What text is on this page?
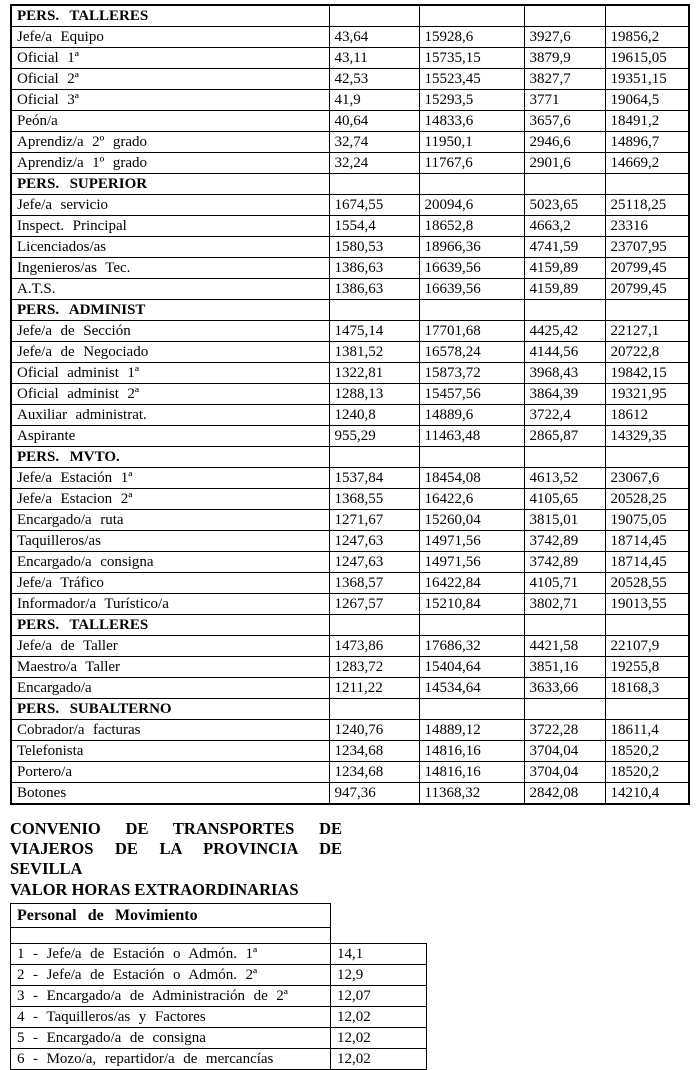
PERS. TALLERES				
Jefe/a Equipo	43,64	15928,6	3927,6	19856,2
Oficial 1ª	43,11	15735,15	3879,9	19615,05
Oficial 2ª	42,53	15523,45	3827,7	19351,15
Oficial 3ª	41,9	15293,5	3771	19064,5
Peón/a	40,64	14833,6	3657,6	18491,2
Aprendiz/a 2º grado	32,74	11950,1	2946,6	14896,7
Aprendiz/a 1º grado	32,24	11767,6	2901,6	14669,2
PERS. SUPERIOR				
Jefe/a servicio	1674,55	20094,6	5023,65	25118,25
Inspect. Principal	1554,4	18652,8	4663,2	23316
Licenciados/as	1580,53	18966,36	4741,59	23707,95
Ingenieros/as Tec.	1386,63	16639,56	4159,89	20799,45
A.T.S.	1386,63	16639,56	4159,89	20799,45
PERS. ADMINIST				
Jefe/a de Sección	1475,14	17701,68	4425,42	22127,1
Jefe/a de Negociado	1381,52	16578,24	4144,56	20722,8
Oficial administ 1ª	1322,81	15873,72	3968,43	19842,15
Oficial administ 2ª	1288,13	15457,56	3864,39	19321,95
Auxiliar administrat.	1240,8	14889,6	3722,4	18612
Aspirante	955,29	11463,48	2865,87	14329,35
PERS. MVTO.				
Jefe/a Estación 1ª	1537,84	18454,08	4613,52	23067,6
Jefe/a Estacion 2ª	1368,55	16422,6	4105,65	20528,25
Encargado/a ruta	1271,67	15260,04	3815,01	19075,05
Taquilleros/as	1247,63	14971,56	3742,89	18714,45
Encargado/a consigna	1247,63	14971,56	3742,89	18714,45
Jefe/a Tráfico	1368,57	16422,84	4105,71	20528,55
Informador/a Turístico/a	1267,57	15210,84	3802,71	19013,55
PERS. TALLERES				
Jefe/a de Taller	1473,86	17686,32	4421,58	22107,9
Maestro/a Taller	1283,72	15404,64	3851,16	19255,8
Encargado/a	1211,22	14534,64	3633,66	18168,3
PERS. SUBALTERNO				
Cobrador/a facturas	1240,76	14889,12	3722,28	18611,4
Telefonista	1234,68	14816,16	3704,04	18520,2
Portero/a	1234,68	14816,16	3704,04	18520,2
Botones	947,36	11368,32	2842,08	14210,4
CONVENIO DE TRANSPORTES DE
VIAJEROS DE LA PROVINCIA DE
SEVILLA
VALOR HORAS EXTRAORDINARIAS
Personal de Movimiento	

1 - Jefe/a de Estación o Admón. 1ª	14,1
2 - Jefe/a de Estación o Admón. 2ª	12,9
3 - Encargado/a de Administración de 2ª	12,07
4 - Taquilleros/as y Factores	12,02
5 - Encargado/a de consigna	12,02
6 - Mozo/a, repartidor/a de mercancías	12,02
